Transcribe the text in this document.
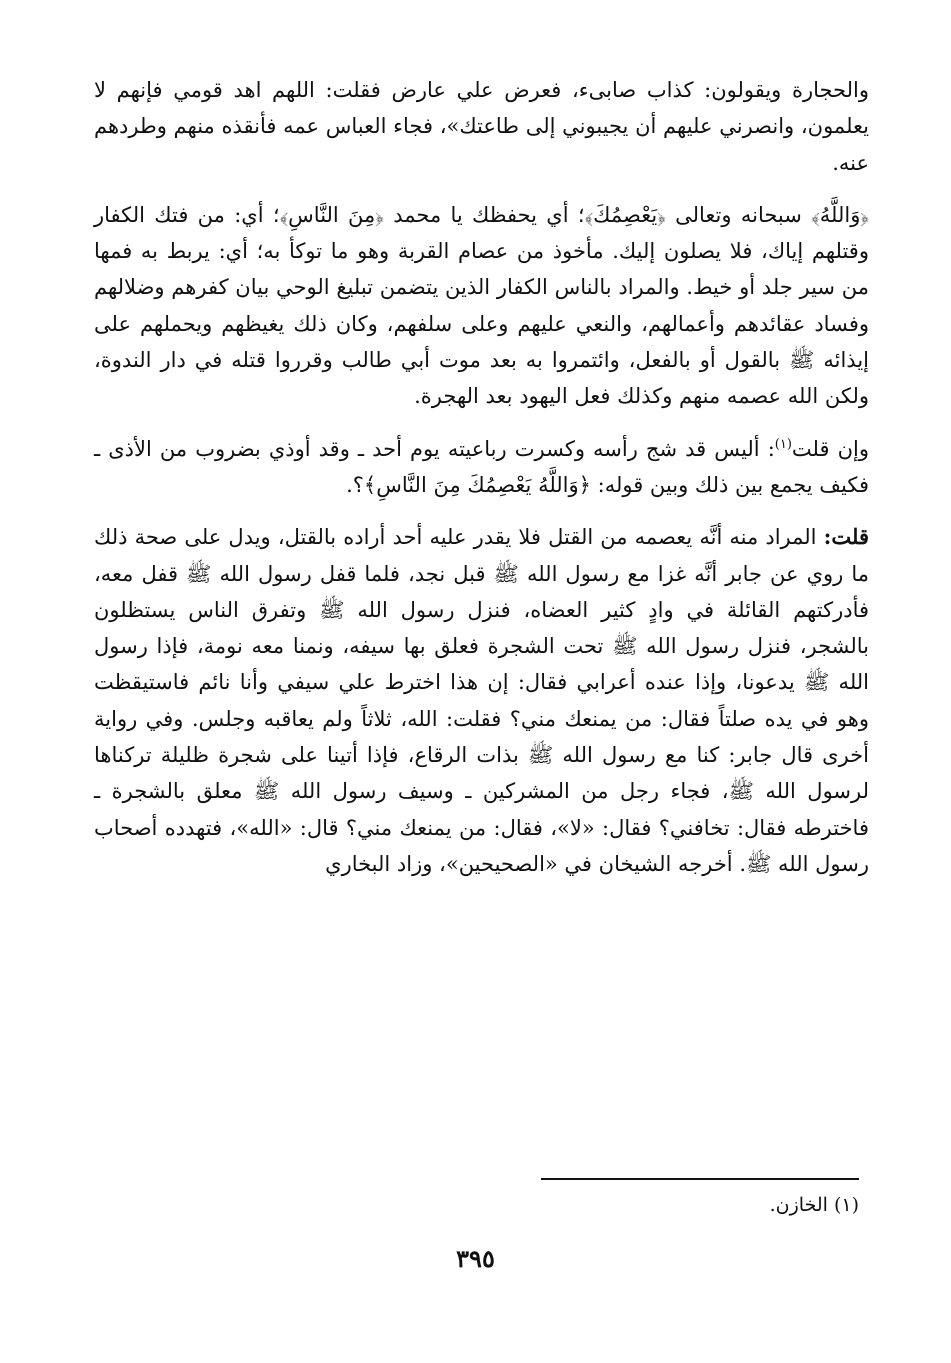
والحجارة ويقولون: كذاب صابىء، فعرض علي عارض فقلت: اللهم اهد قومي فإنهم لا يعلمون، وانصرني عليهم أن يجيبوني إلى طاعتك»، فجاء العباس عمه فأنقذه منهم وطردهم عنه.

﴿وَاللَّهُ﴾ سبحانه وتعالى ﴿يَعْصِمُكَ﴾؛ أي يحفظك يا محمد ﴿مِنَ النَّاسِ﴾؛ أي: من فتك الكفار وقتلهم إياك، فلا يصلون إليك. مأخوذ من عصام القربة وهو ما توكأ به؛ أي: يربط به فمها من سير جلد أو خيط. والمراد بالناس الكفار الذين يتضمن تبليغ الوحي بيان كفرهم وضلالهم وفساد عقائدهم وأعمالهم، والنعي عليهم وعلى سلفهم، وكان ذلك يغيظهم ويحملهم على إيذائه ﷺ بالقول أو بالفعل، وائتمروا به بعد موت أبي طالب وقرروا قتله في دار الندوة، ولكن الله عصمه منهم وكذلك فعل اليهود بعد الهجرة.

وإن قلت$^{(١)}$: أليس قد شج رأسه وكسرت رباعيته يوم أحد ـ وقد أوذي بضروب من الأذى ـ فكيف يجمع بين ذلك وبين قوله: ﴿وَاللَّهُ يَعْصِمُكَ مِنَ النَّاسِ﴾؟.

قلت: المراد منه أنَّه يعصمه من القتل فلا يقدر عليه أحد أراده بالقتل، ويدل على صحة ذلك ما روي عن جابر أنَّه غزا مع رسول الله ﷺ قبل نجد، فلما قفل رسول الله ﷺ قفل معه، فأدركتهم القائلة في وادٍ كثير العضاه، فنزل رسول الله ﷺ وتفرق الناس يستظلون بالشجر، فنزل رسول الله ﷺ تحت الشجرة فعلق بها سيفه، ونمنا معه نومة، فإذا رسول الله ﷺ يدعونا، وإذا عنده أعرابي فقال: إن هذا اخترط علي سيفي وأنا نائم فاستيقظت وهو في يده صلتاً فقال: من يمنعك مني؟ فقلت: الله، ثلاثاً ولم يعاقبه وجلس. وفي رواية أخرى قال جابر: كنا مع رسول الله ﷺ بذات الرقاع، فإذا أتينا على شجرة ظليلة تركناها لرسول الله ﷺ، فجاء رجل من المشركين ـ وسيف رسول الله ﷺ معلق بالشجرة ـ فاخترطه فقال: تخافني؟ فقال: «لا»، فقال: من يمنعك مني؟ قال: «الله»، فتهدده أصحاب رسول الله ﷺ. أخرجه الشيخان في «الصحيحين»، وزاد البخاري

(١) الخازن.
٣٩٥
